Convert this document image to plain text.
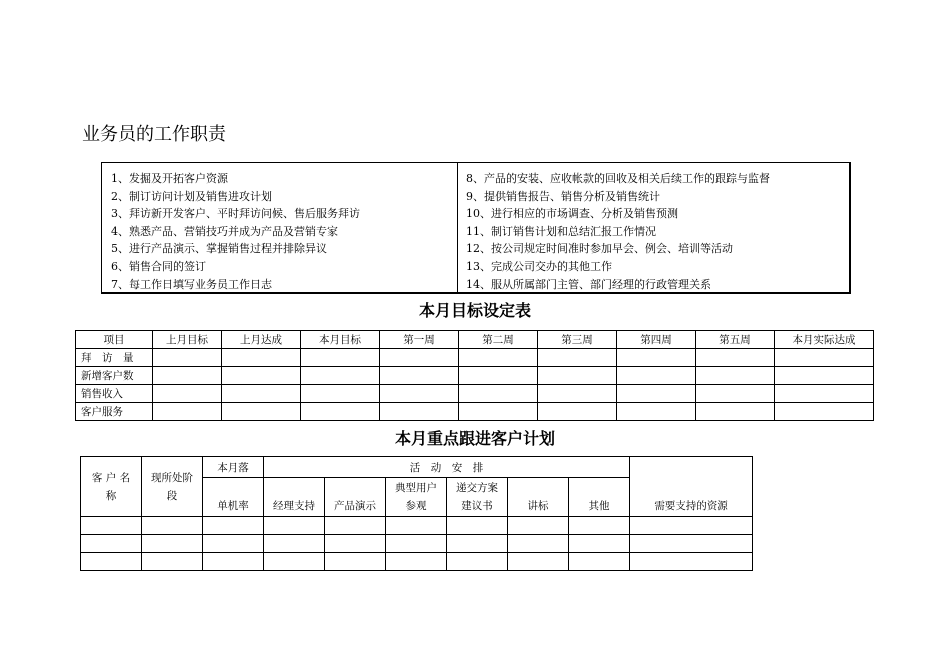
业务员的工作职责
1、发掘及开拓客户资源
2、制订访问计划及销售进攻计划
3、拜访新开发客户、平时拜访问候、售后服务拜访
4、熟悉产品、营销技巧并成为产品及营销专家
5、进行产品演示、掌握销售过程并排除异议
6、销售合同的签订
7、每工作日填写业务员工作日志
8、产品的安装、应收帐款的回收及相关后续工作的跟踪与监督
9、提供销售报告、销售分析及销售统计
10、进行相应的市场调查、分析及销售预测
11、制订销售计划和总结汇报工作情况
12、按公司规定时间准时参加早会、例会、培训等活动
13、完成公司交办的其他工作
14、服从所属部门主管、部门经理的行政管理关系
本月目标设定表
项目	上月目标	上月达成	本月目标	第一周	第二周	第三周	第四周	第五周	本月实际达成
拜　访　量									
新增客户数									
销售收入									
客户服务									
本月重点跟进客户计划
客 户 名 称	现所处阶 段	本月落	活　动　安　排						需要支持的资源
		单机率	经理支持	产品演示	典型用户 参观	递交方案 建议书	讲标	其他	
